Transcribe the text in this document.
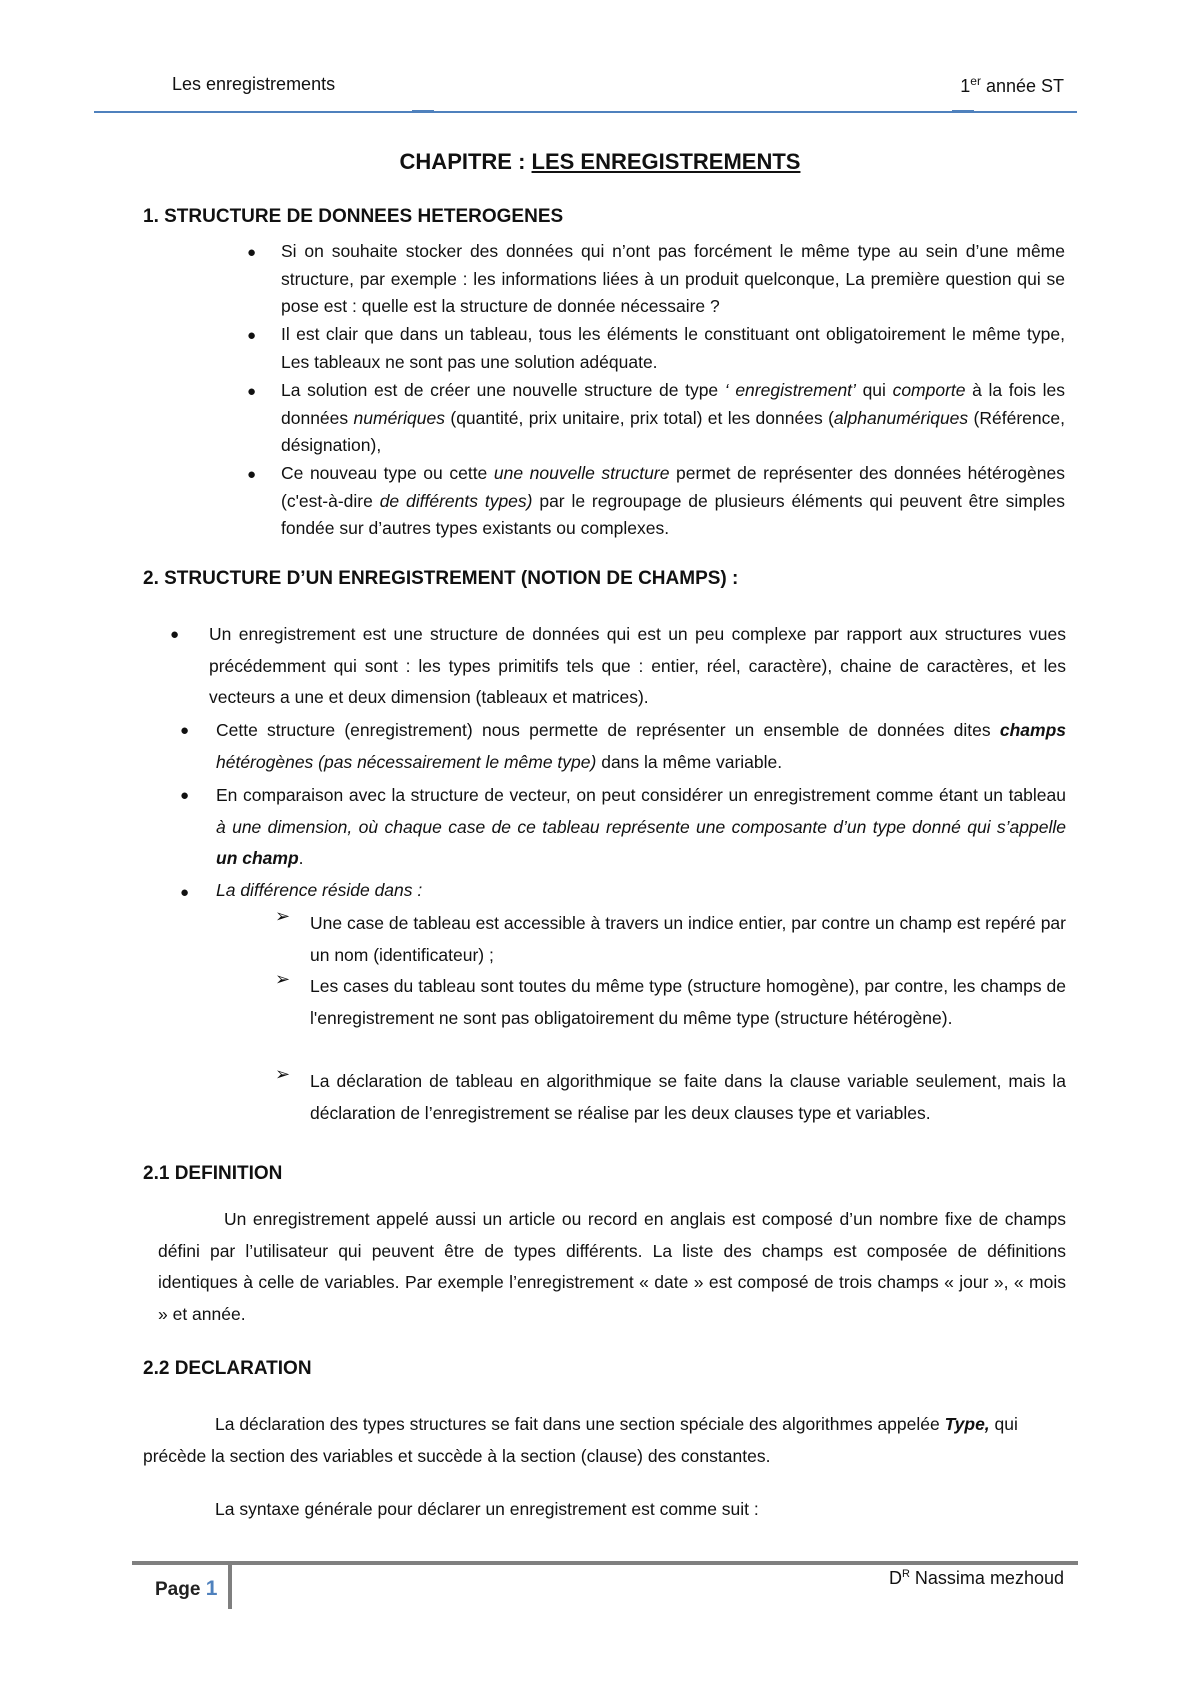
Les enregistrements	1er année ST
CHAPITRE : LES ENREGISTREMENTS
1. STRUCTURE DE DONNEES HETEROGENES
● Si on souhaite stocker des données qui n’ont pas forcément le même type au sein d’une même structure, par exemple : les informations liées à un produit quelconque, La première question qui se pose est : quelle est la structure de donnée nécessaire ?
● Il est clair que dans un tableau, tous les éléments le constituant ont obligatoirement le même type, Les tableaux ne sont pas une solution adéquate.
● La solution est de créer une nouvelle structure de type ‘ enregistrement’ qui comporte à la fois les données numériques (quantité, prix unitaire, prix total) et les données (alphanumériques (Référence, désignation),
● Ce nouveau type ou cette une nouvelle structure permet de représenter des données hétérogènes (c'est-à-dire de différents types) par le regroupage de plusieurs éléments qui peuvent être simples fondée sur d’autres types existants ou complexes.
2. STRUCTURE D’UN ENREGISTREMENT (NOTION DE CHAMPS) :
● Un enregistrement est une structure de données qui est un peu complexe par rapport aux structures vues précédemment qui sont : les types primitifs tels que : entier, réel, caractère), chaine de caractères, et les vecteurs a une et deux dimension (tableaux et matrices).
● Cette structure (enregistrement) nous permette de représenter un ensemble de données dites champs hétérogènes (pas nécessairement le même type) dans la même variable.
● En comparaison avec la structure de vecteur, on peut considérer un enregistrement comme étant un tableau à une dimension, où chaque case de ce tableau représente une composante d’un type donné qui s’appelle un champ.
● La différence réside dans :
➢ Une case de tableau est accessible à travers un indice entier, par contre un champ est repéré par un nom (identificateur) ;
➢ Les cases du tableau sont toutes du même type (structure homogène), par contre, les champs de l'enregistrement ne sont pas obligatoirement du même type (structure hétérogène).
➢ La déclaration de tableau en algorithmique se faite dans la clause variable seulement, mais la déclaration de l’enregistrement se réalise par les deux clauses type et variables.
2.1 DEFINITION
Un enregistrement appelé aussi un article ou record en anglais est composé d’un nombre fixe de champs défini par l’utilisateur qui peuvent être de types différents. La liste des champs est composée de définitions identiques à celle de variables. Par exemple l’enregistrement « date » est composé de trois champs « jour », « mois » et année.
2.2 DECLARATION
La déclaration des types structures se fait dans une section spéciale des algorithmes appelée Type, qui précède la section des variables et succède à la section (clause) des constantes.
La syntaxe générale pour déclarer un enregistrement est comme suit :
Page 1	$D^R$ Nassima mezhoud
